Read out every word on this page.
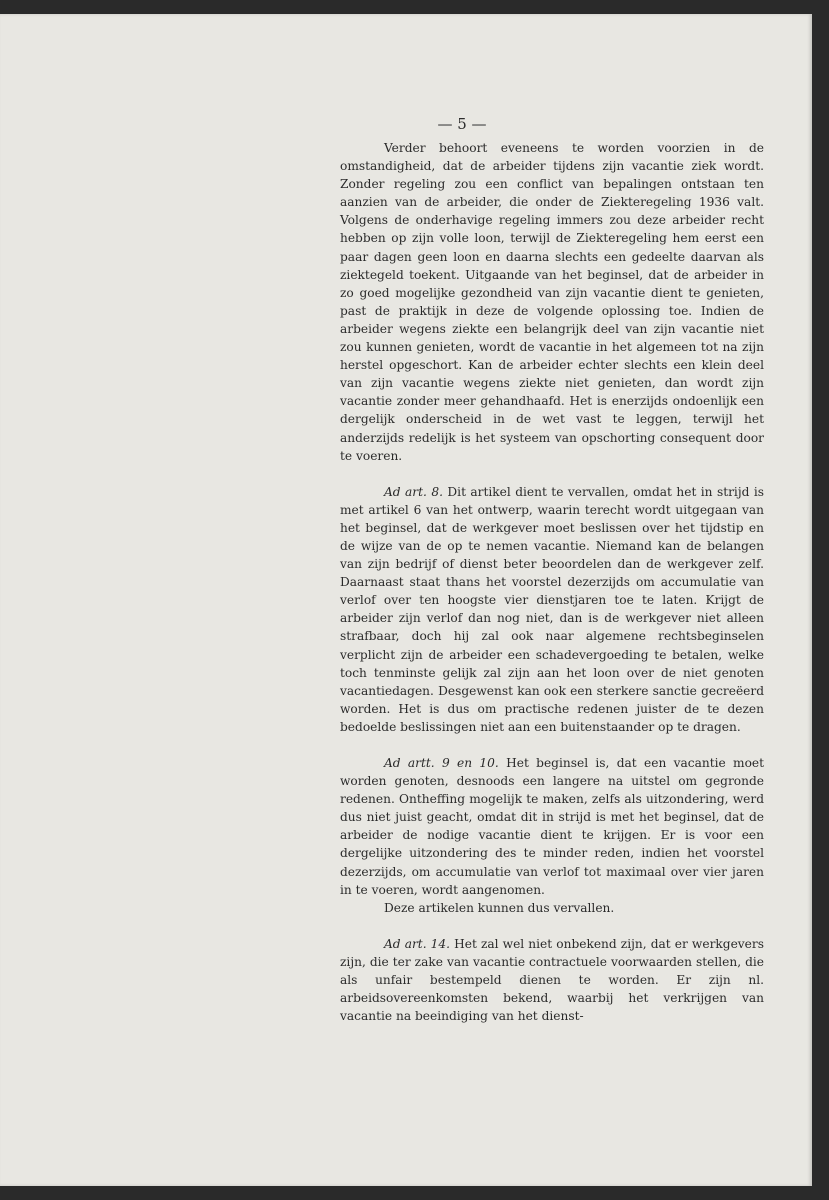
— 5 —

Verder behoort eveneens te worden voorzien in de omstandigheid, dat de arbeider tijdens zijn vacantie ziek wordt. Zonder regeling zou een conflict van bepalingen ontstaan ten aanzien van de arbeider, die onder de Ziekteregeling 1936 valt. Volgens de onderhavige regeling immers zou deze arbeider recht hebben op zijn volle loon, terwijl de Ziekteregeling hem eerst een paar dagen geen loon en daarna slechts een gedeelte daarvan als ziektegeld toekent. Uitgaande van het beginsel, dat de arbeider in zo goed mogelijke gezondheid van zijn vacantie dient te genieten, past de praktijk in deze de volgende oplossing toe. Indien de arbeider wegens ziekte een belangrijk deel van zijn vacantie niet zou kunnen genieten, wordt de vacantie in het algemeen tot na zijn herstel opgeschort. Kan de arbeider echter slechts een klein deel van zijn vacantie wegens ziekte niet genieten, dan wordt zijn vacantie zonder meer gehandhaafd. Het is enerzijds ondoenlijk een dergelijk onderscheid in de wet vast te leggen, terwijl het anderzijds redelijk is het systeem van opschorting consequent door te voeren.

Ad art. 8. Dit artikel dient te vervallen, omdat het in strijd is met artikel 6 van het ontwerp, waarin terecht wordt uitgegaan van het beginsel, dat de werkgever moet beslissen over het tijdstip en de wijze van de op te nemen vacantie. Niemand kan de belangen van zijn bedrijf of dienst beter beoordelen dan de werkgever zelf. Daarnaast staat thans het voorstel dezerzijds om accumulatie van verlof over ten hoogste vier dienstjaren toe te laten. Krijgt de arbeider zijn verlof dan nog niet, dan is de werkgever niet alleen strafbaar, doch hij zal ook naar algemene rechtsbeginselen verplicht zijn de arbeider een schadevergoeding te betalen, welke toch tenminste gelijk zal zijn aan het loon over de niet genoten vacantiedagen. Desgewenst kan ook een sterkere sanctie gecreëerd worden. Het is dus om practische redenen juister de te dezen bedoelde beslissingen niet aan een buitenstaander op te dragen.

Ad artt. 9 en 10. Het beginsel is, dat een vacantie moet worden genoten, desnoods een langere na uitstel om gegronde redenen. Ontheffing mogelijk te maken, zelfs als uitzondering, werd dus niet juist geacht, omdat dit in strijd is met het beginsel, dat de arbeider de nodige vacantie dient te krijgen. Er is voor een dergelijke uitzondering des te minder reden, indien het voorstel dezerzijds, om accumulatie van verlof tot maximaal over vier jaren in te voeren, wordt aangenomen.

Deze artikelen kunnen dus vervallen.

Ad art. 14. Het zal wel niet onbekend zijn, dat er werkgevers zijn, die ter zake van vacantie contractuele voorwaarden stellen, die als unfair bestempeld dienen te worden. Er zijn nl. arbeidsovereenkomsten bekend, waarbij het verkrijgen van vacantie na beeindiging van het dienst-
